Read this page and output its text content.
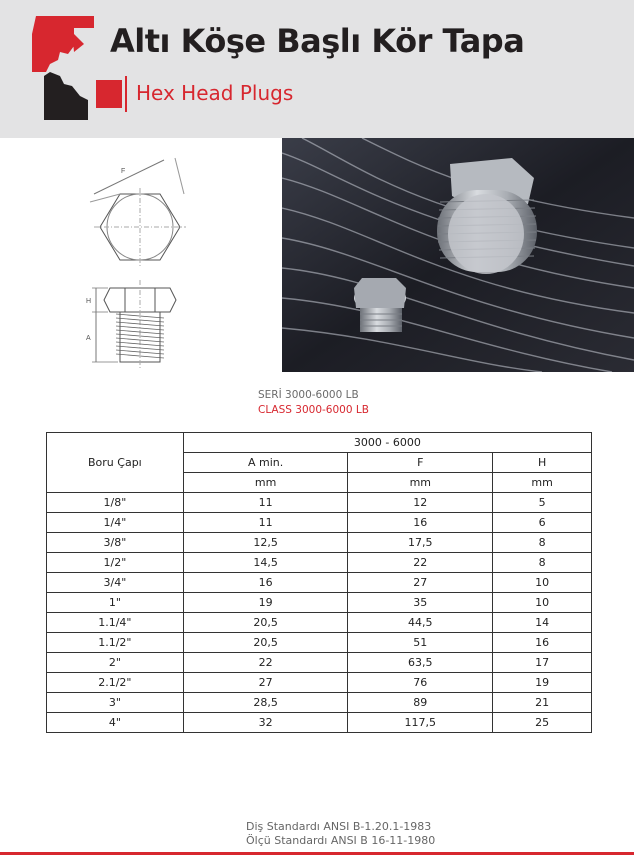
Altı Köşe Başlı Kör Tapa
Hex Head Plugs
F
H
A
SERİ 3000-6000 LB
CLASS 3000-6000 LB
Boru Çapı	3000 - 6000		
	A min.	F	H
	mm	mm	mm
1/8"	11	12	5
1/4"	11	16	6
3/8"	12,5	17,5	8
1/2"	14,5	22	8
3/4"	16	27	10
1"	19	35	10
1.1/4"	20,5	44,5	14
1.1/2"	20,5	51	16
2"	22	63,5	17
2.1/2"	27	76	19
3"	28,5	89	21
4"	32	117,5	25
Diş Standardı ANSI B-1.20.1-1983
Ölçü Standardı ANSI B 16-11-1980
